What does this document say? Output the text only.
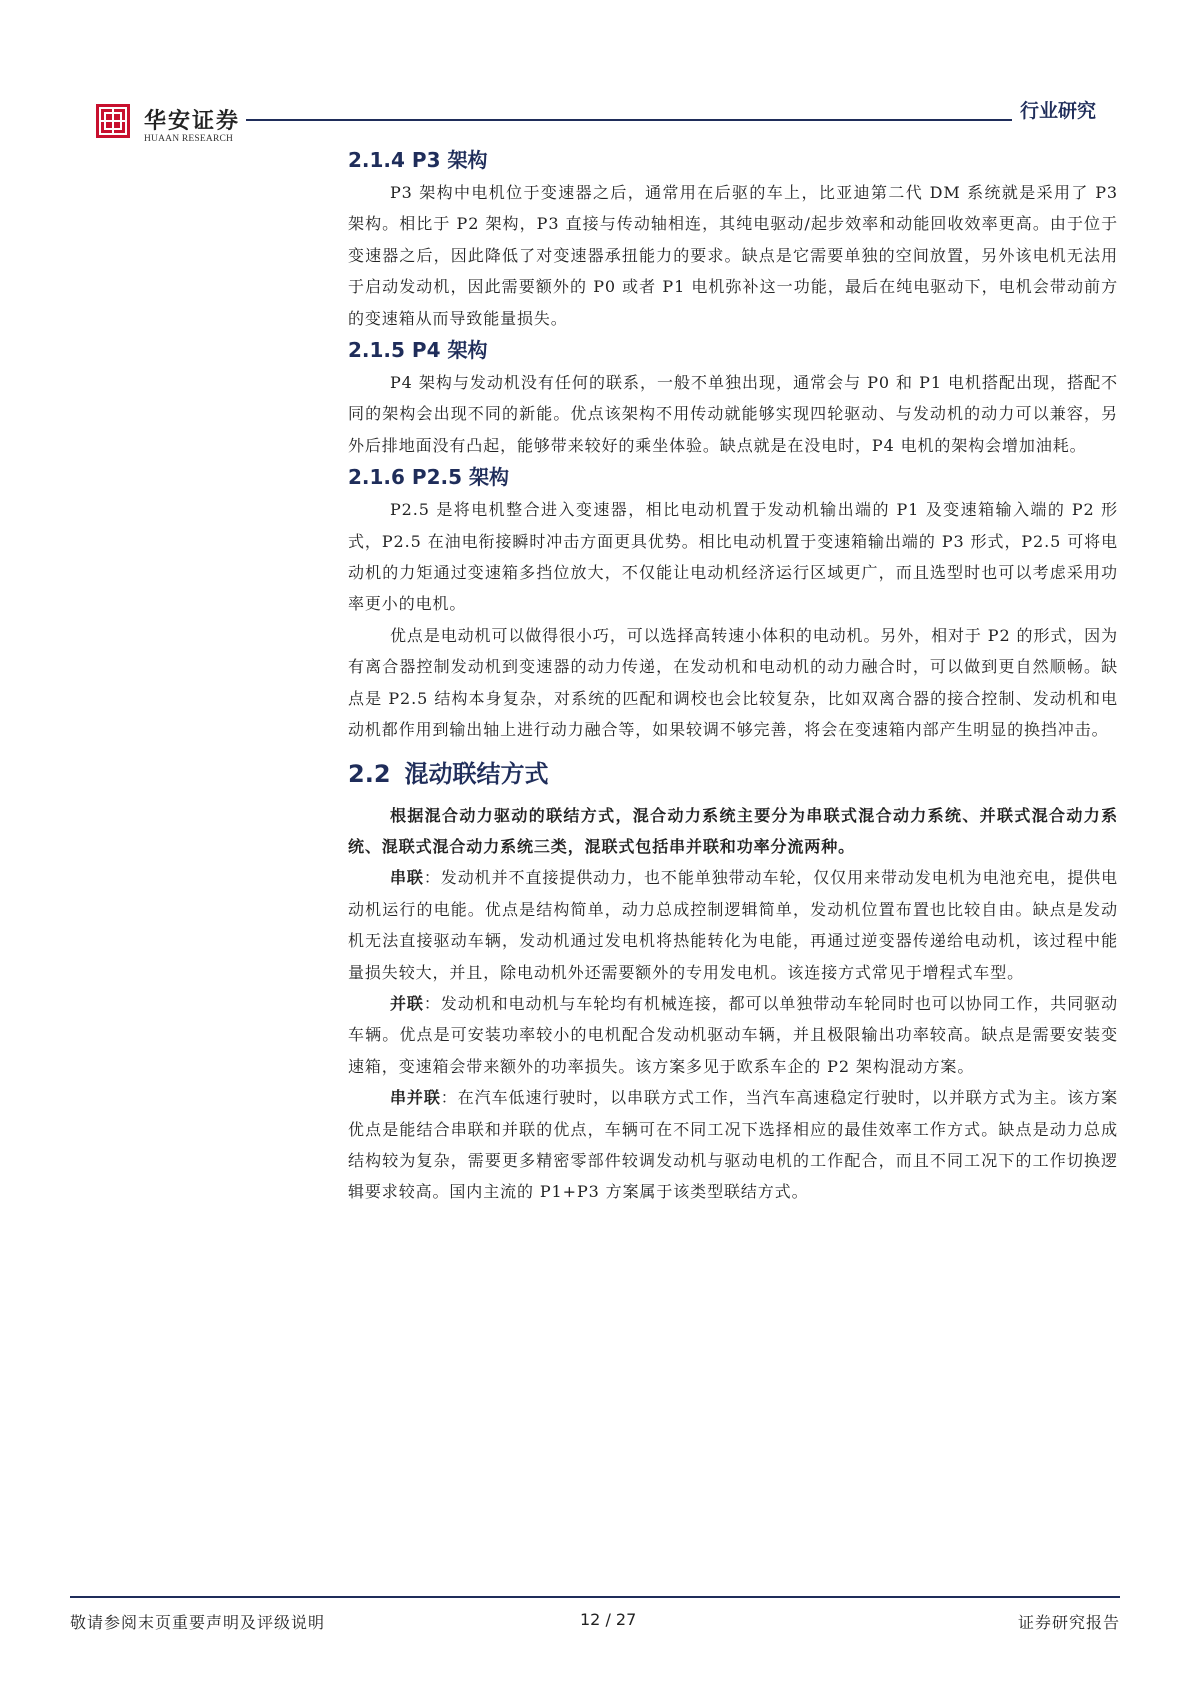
华安证券
HUAAN RESEARCH
行业研究
2.1.4 P3 架构

P3 架构中电机位于变速器之后，通常用在后驱的车上，比亚迪第二代 DM 系统就是采用了 P3 架构。相比于 P2 架构，P3 直接与传动轴相连，其纯电驱动/起步效率和动能回收效率更高。由于位于变速器之后，因此降低了对变速器承扭能力的要求。缺点是它需要单独的空间放置，另外该电机无法用于启动发动机，因此需要额外的 P0 或者 P1 电机弥补这一功能，最后在纯电驱动下，电机会带动前方的变速箱从而导致能量损失。

2.1.5 P4 架构

P4 架构与发动机没有任何的联系，一般不单独出现，通常会与 P0 和 P1 电机搭配出现，搭配不同的架构会出现不同的新能。优点该架构不用传动就能够实现四轮驱动、与发动机的动力可以兼容，另外后排地面没有凸起，能够带来较好的乘坐体验。缺点就是在没电时，P4 电机的架构会增加油耗。

2.1.6 P2.5 架构

P2.5 是将电机整合进入变速器，相比电动机置于发动机输出端的 P1 及变速箱输入端的 P2 形式，P2.5 在油电衔接瞬时冲击方面更具优势。相比电动机置于变速箱输出端的 P3 形式，P2.5 可将电动机的力矩通过变速箱多挡位放大，不仅能让电动机经济运行区域更广，而且选型时也可以考虑采用功率更小的电机。

优点是电动机可以做得很小巧，可以选择高转速小体积的电动机。另外，相对于 P2 的形式，因为有离合器控制发动机到变速器的动力传递，在发动机和电动机的动力融合时，可以做到更自然顺畅。缺点是 P2.5 结构本身复杂，对系统的匹配和调校也会比较复杂，比如双离合器的接合控制、发动机和电动机都作用到输出轴上进行动力融合等，如果较调不够完善，将会在变速箱内部产生明显的换挡冲击。

2.2 混动联结方式

根据混合动力驱动的联结方式，混合动力系统主要分为串联式混合动力系统、并联式混合动力系统、混联式混合动力系统三类，混联式包括串并联和功率分流两种。

串联：发动机并不直接提供动力，也不能单独带动车轮，仅仅用来带动发电机为电池充电，提供电动机运行的电能。优点是结构简单，动力总成控制逻辑简单，发动机位置布置也比较自由。缺点是发动机无法直接驱动车辆，发动机通过发电机将热能转化为电能，再通过逆变器传递给电动机，该过程中能量损失较大，并且，除电动机外还需要额外的专用发电机。该连接方式常见于增程式车型。

并联：发动机和电动机与车轮均有机械连接，都可以单独带动车轮同时也可以协同工作，共同驱动车辆。优点是可安装功率较小的电机配合发动机驱动车辆，并且极限输出功率较高。缺点是需要安装变速箱，变速箱会带来额外的功率损失。该方案多见于欧系车企的 P2 架构混动方案。

串并联：在汽车低速行驶时，以串联方式工作，当汽车高速稳定行驶时，以并联方式为主。该方案优点是能结合串联和并联的优点，车辆可在不同工况下选择相应的最佳效率工作方式。缺点是动力总成结构较为复杂，需要更多精密零部件较调发动机与驱动电机的工作配合，而且不同工况下的工作切换逻辑要求较高。国内主流的 P1+P3 方案属于该类型联结方式。

敬请参阅末页重要声明及评级说明	12 / 27	证券研究报告
